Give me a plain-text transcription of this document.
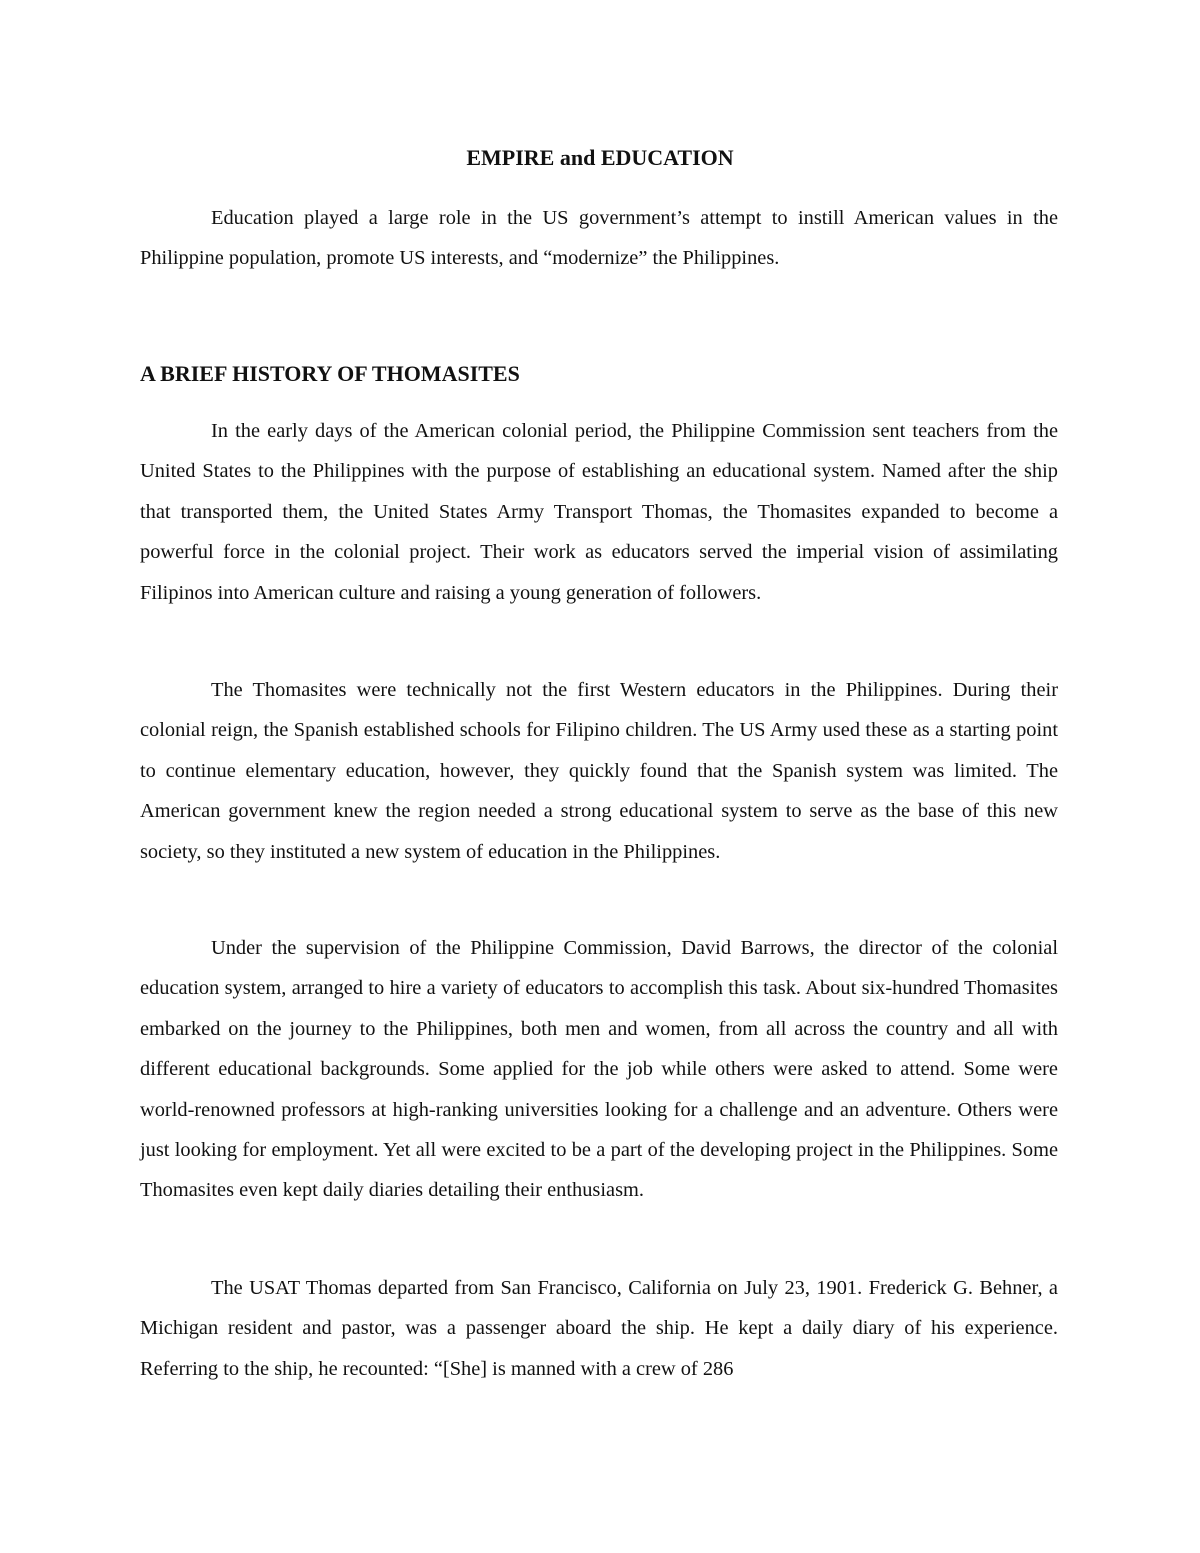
EMPIRE and EDUCATION

Education played a large role in the US government’s attempt to instill American values in the Philippine population, promote US interests, and “modernize” the Philippines.

A BRIEF HISTORY OF THOMASITES

In the early days of the American colonial period, the Philippine Commission sent teachers from the United States to the Philippines with the purpose of establishing an educational system. Named after the ship that transported them, the United States Army Transport Thomas, the Thomasites expanded to become a powerful force in the colonial project. Their work as educators served the imperial vision of assimilating Filipinos into American culture and raising a young generation of followers.

The Thomasites were technically not the first Western educators in the Philippines. During their colonial reign, the Spanish established schools for Filipino children. The US Army used these as a starting point to continue elementary education, however, they quickly found that the Spanish system was limited. The American government knew the region needed a strong educational system to serve as the base of this new society, so they instituted a new system of education in the Philippines.

Under the supervision of the Philippine Commission, David Barrows, the director of the colonial education system, arranged to hire a variety of educators to accomplish this task. About six-hundred Thomasites embarked on the journey to the Philippines, both men and women, from all across the country and all with different educational backgrounds. Some applied for the job while others were asked to attend. Some were world-renowned professors at high-ranking universities looking for a challenge and an adventure. Others were just looking for employment. Yet all were excited to be a part of the developing project in the Philippines. Some Thomasites even kept daily diaries detailing their enthusiasm.

The USAT Thomas departed from San Francisco, California on July 23, 1901. Frederick G. Behner, a Michigan resident and pastor, was a passenger aboard the ship. He kept a daily diary of his experience. Referring to the ship, he recounted: “[She] is manned with a crew of 286
